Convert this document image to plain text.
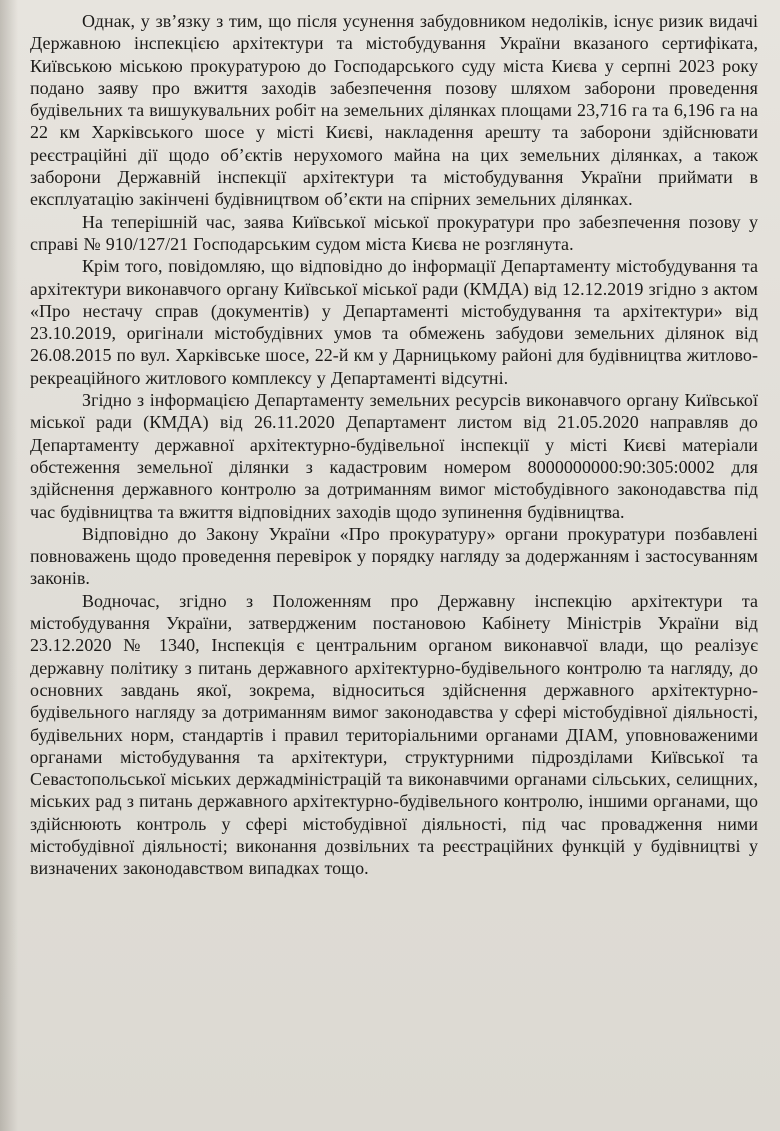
Однак, у зв’язку з тим, що після усунення забудовником недоліків, існує ризик видачі Державною інспекцією архітектури та містобудування України вказаного сертифіката, Київською міською прокуратурою до Господарського суду міста Києва у серпні 2023 року подано заяву про вжиття заходів забезпечення позову шляхом заборони проведення будівельних та вишукувальних робіт на земельних ділянках площами 23,716 га та 6,196 га на 22 км Харківського шосе у місті Києві, накладення арешту та заборони здійснювати реєстраційні дії щодо об’єктів нерухомого майна на цих земельних ділянках, а також заборони Державній інспекції архітектури та містобудування України приймати в експлуатацію закінчені будівництвом об’єкти на спірних земельних ділянках.

На теперішній час, заява Київської міської прокуратури про забезпечення позову у справі № 910/127/21 Господарським судом міста Києва не розглянута.

Крім того, повідомляю, що відповідно до інформації Департаменту містобудування та архітектури виконавчого органу Київської міської ради (КМДА) від 12.12.2019 згідно з актом «Про нестачу справ (документів) у Департаменті містобудування та архітектури» від 23.10.2019, оригінали містобудівних умов та обмежень забудови земельних ділянок від 26.08.2015 по вул. Харківське шосе, 22-й км у Дарницькому районі для будівництва житлово-рекреаційного житлового комплексу у Департаменті відсутні.

Згідно з інформацією Департаменту земельних ресурсів виконавчого органу Київської міської ради (КМДА) від 26.11.2020 Департамент листом від 21.05.2020 направляв до Департаменту державної архітектурно-будівельної інспекції у місті Києві матеріали обстеження земельної ділянки з кадастровим номером 8000000000:90:305:0002 для здійснення державного контролю за дотриманням вимог містобудівного законодавства під час будівництва та вжиття відповідних заходів щодо зупинення будівництва.

Відповідно до Закону України «Про прокуратуру» органи прокуратури позбавлені повноважень щодо проведення перевірок у порядку нагляду за додержанням і застосуванням законів.

Водночас, згідно з Положенням про Державну інспекцію архітектури та містобудування України, затвердженим постановою Кабінету Міністрів України від 23.12.2020 № 1340, Інспекція є центральним органом виконавчої влади, що реалізує державну політику з питань державного архітектурно-будівельного контролю та нагляду, до основних завдань якої, зокрема, відноситься здійснення державного архітектурно-будівельного нагляду за дотриманням вимог законодавства у сфері містобудівної діяльності, будівельних норм, стандартів і правил територіальними органами ДІАМ, уповноваженими органами містобудування та архітектури, структурними підрозділами Київської та Севастопольської міських держадміністрацій та виконавчими органами сільських, селищних, міських рад з питань державного архітектурно-будівельного контролю, іншими органами, що здійснюють контроль у сфері містобудівної діяльності, під час провадження ними містобудівної діяльності; виконання дозвільних та реєстраційних функцій у будівництві у визначених законодавством випадках тощо.
